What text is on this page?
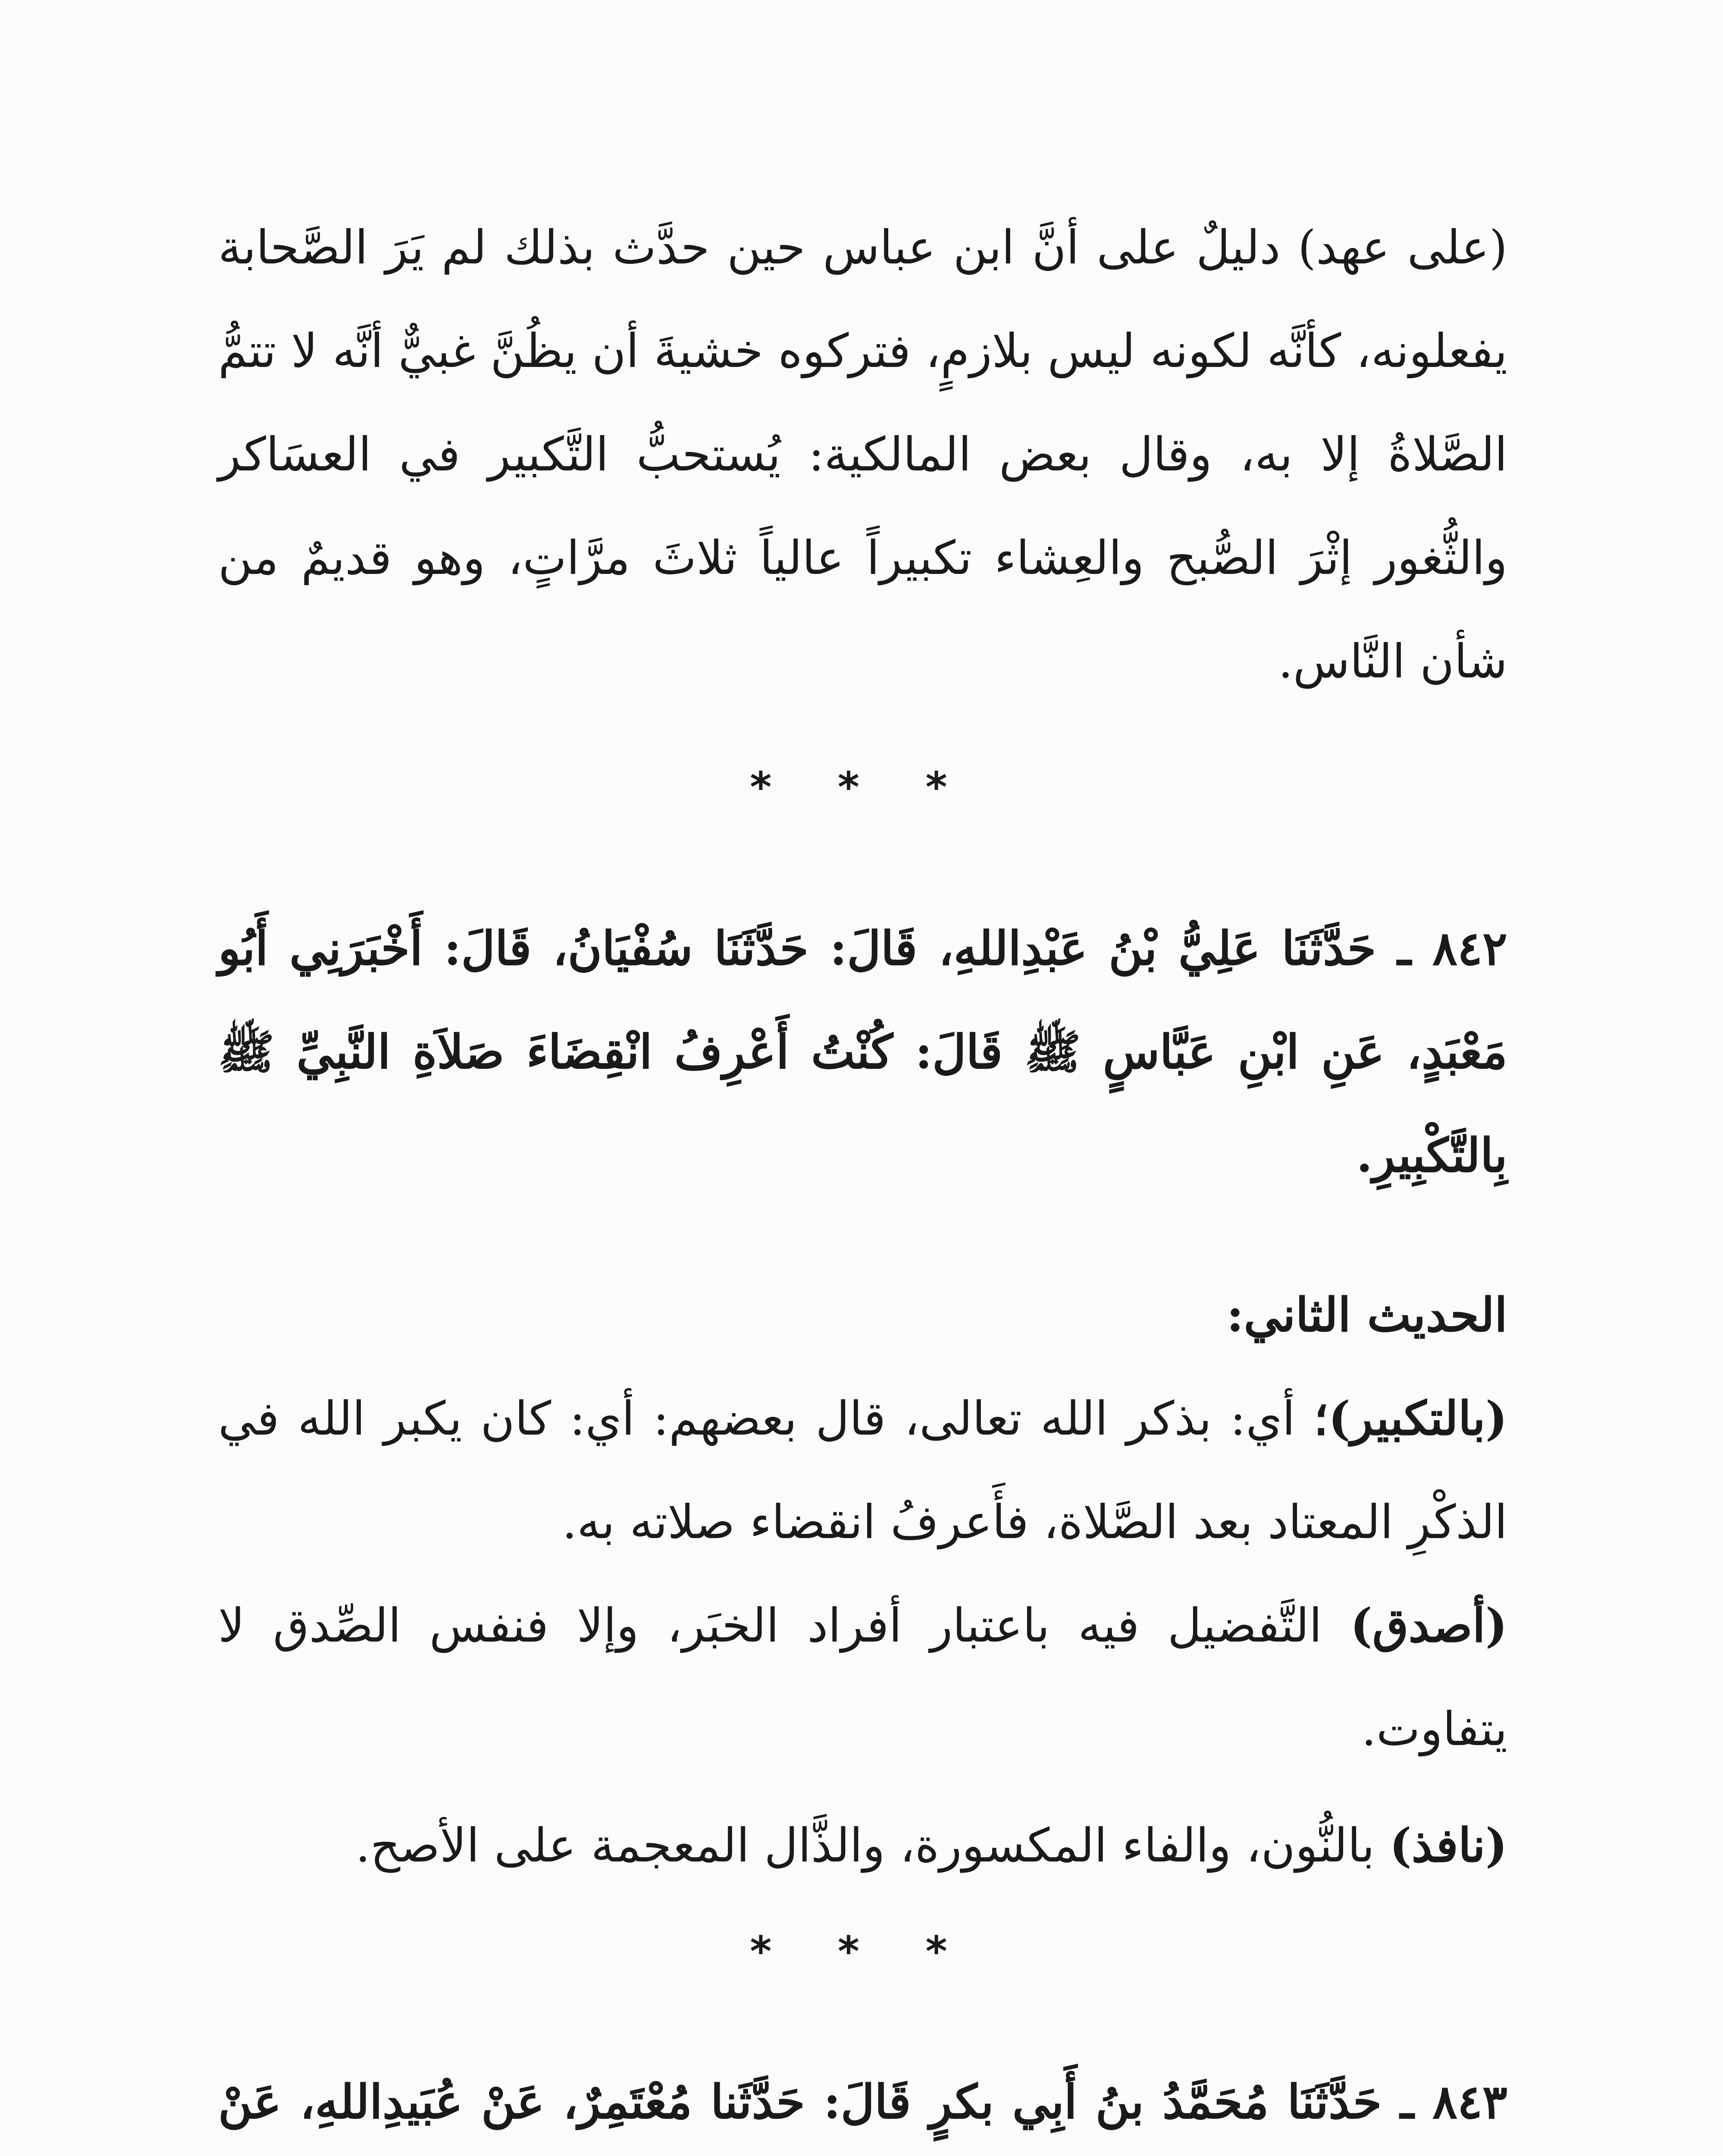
(على عهد) دليلٌ على أنَّ ابن عباس حين حدَّث بذلك لم يَرَ الصَّحابة يفعلونه، كأنَّه لكونه ليس بلازمٍ، فتركوه خشيةَ أن يظُنَّ غبيٌّ أنَّه لا تتمُّ الصَّلاةُ إلا به، وقال بعض المالكية: يُستحبُّ التَّكبير في العسَاكر والثُّغور إثْرَ الصُّبح والعِشاء تكبيراً عالياً ثلاثَ مرَّاتٍ، وهو قديمٌ من شأن النَّاس.

* * *

٨٤٢ ـ حَدَّثَنَا عَلِيُّ بْنُ عَبْدِاللهِ، قَالَ: حَدَّثَنَا سُفْيَانُ، قَالَ: أَخْبَرَنِي أَبُو مَعْبَدٍ، عَنِ ابْنِ عَبَّاسٍ ﷺ قَالَ: كُنْتُ أَعْرِفُ انْقِضَاءَ صَلاَةِ النَّبِيِّ ﷺ بِالتَّكْبِيرِ.

الحديث الثاني:

(بالتكبير)؛ أي: بذكر الله تعالى، قال بعضهم: أي: كان يكبر الله في الذكْرِ المعتاد بعد الصَّلاة، فأَعرفُ انقضاء صلاته به.

(أصدق) التَّفضيل فيه باعتبار أفراد الخبَر، وإلا فنفس الصِّدق لا يتفاوت.

(نافذ) بالنُّون، والفاء المكسورة، والذَّال المعجمة على الأصح.

* * *

٨٤٣ ـ حَدَّثَنَا مُحَمَّدُ بنُ أَبِي بكرٍ قَالَ: حَدَّثَنا مُعْتَمِرٌ، عَنْ عُبَيدِاللهِ، عَنْ
